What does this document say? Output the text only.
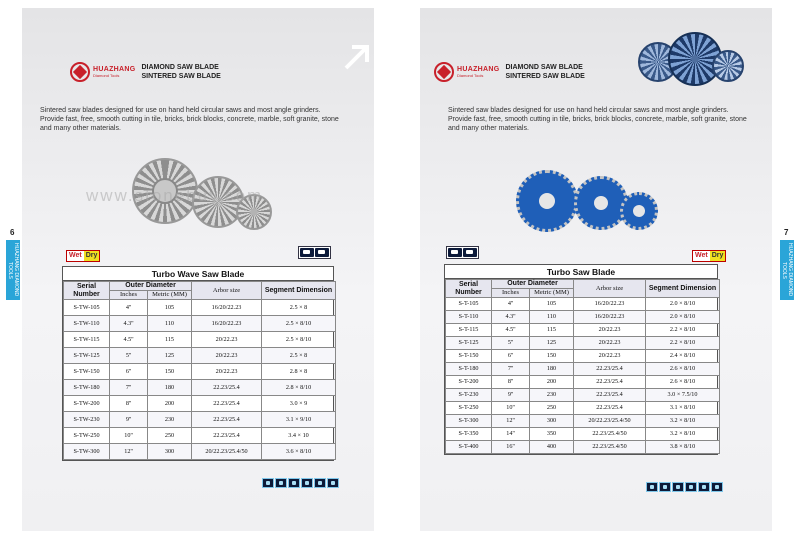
HUAZHANG DIAMOND TOOLS
6
HUAZHANG DIAMOND TOOLS
7
HUAZHANG
Diamond Tools
DIAMOND SAW BLADE
SINTERED SAW BLADE
Sintered saw blades designed for use on hand held circular saws and most angle grinders. Provide fast, free, smooth cutting in tile, bricks, brick blocks, concrete, marble, soft granite, stone and many other materials.
www.stonebuy.com
Wet Dry
Turbo Wave Saw Blade
Serial Number	Outer Diameter		Arbor size	Segment Dimension
	Inches	Metric (MM)		
S-TW-105	4''	105	16/20/22.23	2.5 × 8
S-TW-110	4.3''	110	16/20/22.23	2.5 × 8/10
S-TW-115	4.5''	115	20/22.23	2.5 × 8/10
S-TW-125	5''	125	20/22.23	2.5 × 8
S-TW-150	6''	150	20/22.23	2.8 × 8
S-TW-180	7''	180	22.23/25.4	2.8 × 8/10
S-TW-200	8''	200	22.23/25.4	3.0 × 9
S-TW-230	9''	230	22.23/25.4	3.1 × 9/10
S-TW-250	10''	250	22.23/25.4	3.4 × 10
S-TW-300	12''	300	20/22.23/25.4/50	3.6 × 8/10
HUAZHANG
Diamond Tools
DIAMOND SAW BLADE
SINTERED SAW BLADE
Sintered saw blades designed for use on hand held circular saws and most angle grinders. Provide fast, free, smooth cutting in tile, bricks, brick blocks, concrete, marble, soft granite, stone and many other materials.
Wet Dry
Turbo Saw Blade
Serial Number	Outer Diameter		Arbor size	Segment Dimension
	Inches	Metric (MM)		
S-T-105	4''	105	16/20/22.23	2.0 × 8/10
S-T-110	4.3''	110	16/20/22.23	2.0 × 8/10
S-T-115	4.5''	115	20/22.23	2.2 × 8/10
S-T-125	5''	125	20/22.23	2.2 × 8/10
S-T-150	6''	150	20/22.23	2.4 × 8/10
S-T-180	7''	180	22.23/25.4	2.6 × 8/10
S-T-200	8''	200	22.23/25.4	2.6 × 8/10
S-T-230	9''	230	22.23/25.4	3.0 × 7.5/10
S-T-250	10''	250	22.23/25.4	3.1 × 8/10
S-T-300	12''	300	20/22.23/25.4/50	3.2 × 8/10
S-T-350	14''	350	22.23/25.4/50	3.2 × 8/10
S-T-400	16''	400	22.23/25.4/50	3.8 × 8/10
